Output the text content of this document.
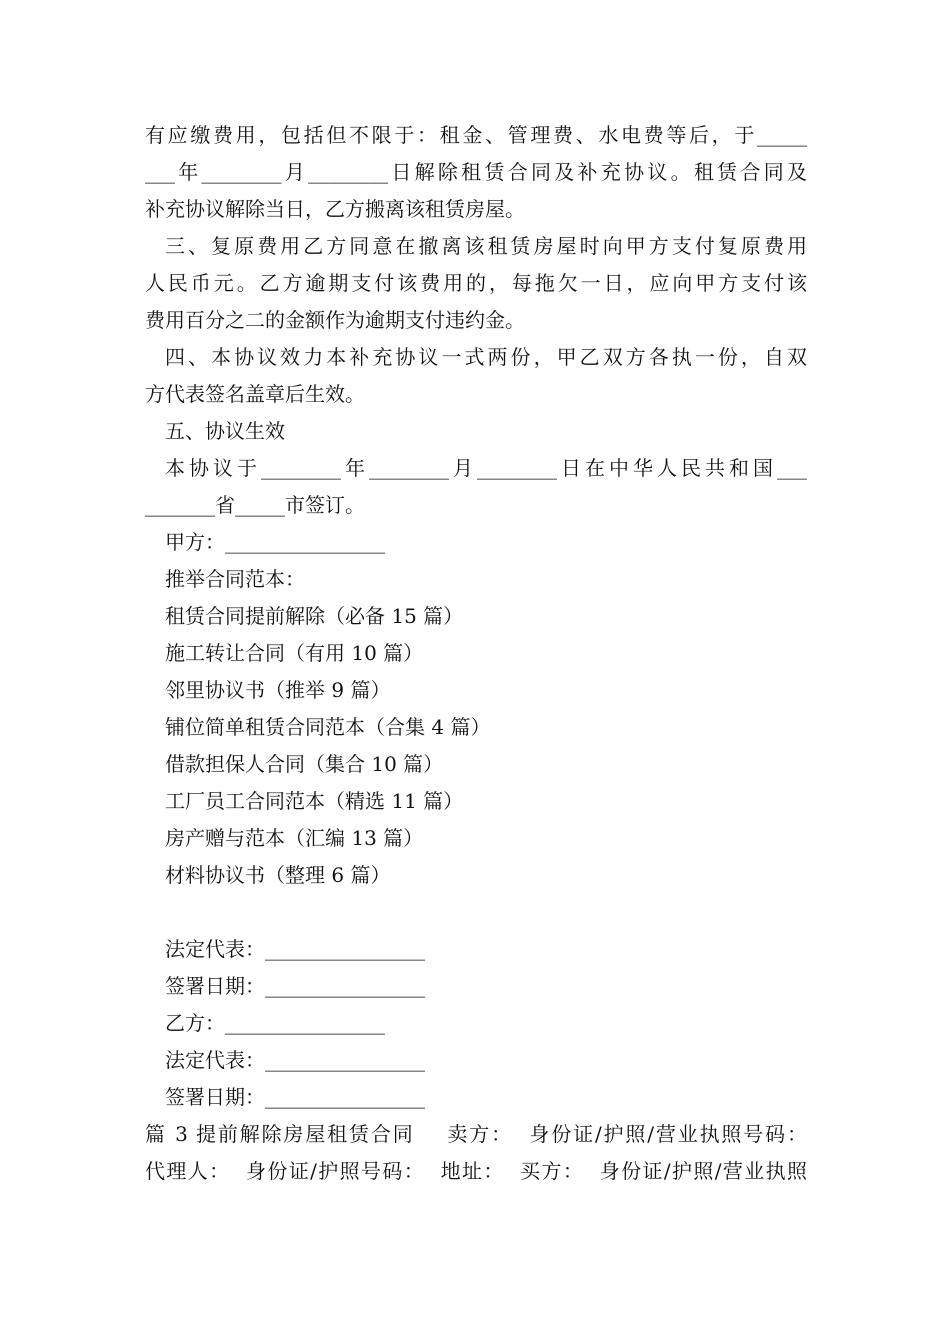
有应缴费用，包括但不限于：租金、管理费、水电费等后，于_____
___年________月________日解除租赁合同及补充协议。租赁合同及
补充协议解除当日，乙方搬离该租赁房屋。
三、复原费用乙方同意在撤离该租赁房屋时向甲方支付复原费用
人民币元。乙方逾期支付该费用的，每拖欠一日，应向甲方支付该
费用百分之二的金额作为逾期支付违约金。
四、本协议效力本补充协议一式两份，甲乙双方各执一份，自双
方代表签名盖章后生效。
五、协议生效
本协议于________年________月________日在中华人民共和国___
_______省_____市签订。
甲方：________________
推举合同范本：
租赁合同提前解除（必备 15 篇）
施工转让合同（有用 10 篇）
邻里协议书（推举 9 篇）
铺位简单租赁合同范本（合集 4 篇）
借款担保人合同（集合 10 篇）
工厂员工合同范本（精选 11 篇）
房产赠与范本（汇编 13 篇）
材料协议书（整理 6 篇）
法定代表：________________
签署日期：________________
乙方：________________
法定代表：________________
签署日期：________________
篇 3 提前解除房屋租赁合同    卖方：  身份证/护照/营业执照号码：
代理人：  身份证/护照号码：  地址：  买方：  身份证/护照/营业执照
